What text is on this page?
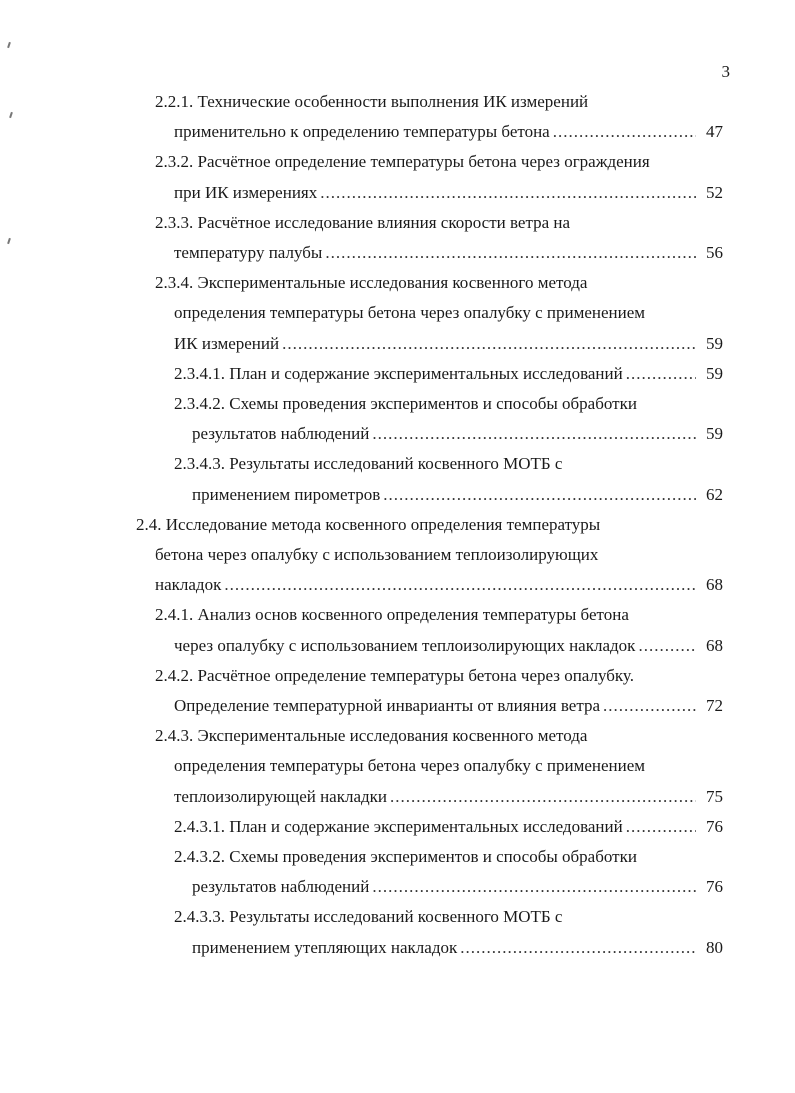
3
2.2.1. Технические особенности выполнения ИК измерений
применительно к определению температуры бетона .....	47
2.3.2. Расчётное определение температуры бетона через ограждения
при ИК измерениях .....	52
2.3.3. Расчётное исследование влияния скорости ветра на
температуру палубы .....	56
2.3.4. Экспериментальные исследования косвенного метода
определения температуры бетона через опалубку с применением
ИК измерений .....	59
2.3.4.1. План и содержание экспериментальных исследований .....	59
2.3.4.2. Схемы проведения экспериментов и способы обработки
результатов наблюдений .....	59
2.3.4.3. Результаты исследований косвенного МОТБ с
применением пирометров .....	62
2.4. Исследование метода косвенного определения температуры
бетона через опалубку с использованием теплоизолирующих
накладок .....	68
2.4.1. Анализ основ косвенного определения температуры бетона
через опалубку с использованием теплоизолирующих накладок .....	68
2.4.2. Расчётное определение температуры бетона через опалубку.
Определение температурной инварианты от влияния ветра .....	72
2.4.3. Экспериментальные исследования косвенного метода
определения температуры бетона через опалубку с применением
теплоизолирующей накладки .....	75
2.4.3.1. План и содержание экспериментальных исследований .....	76
2.4.3.2. Схемы проведения экспериментов и способы обработки
результатов наблюдений .....	76
2.4.3.3. Результаты исследований косвенного МОТБ с
применением утепляющих накладок .....	80
